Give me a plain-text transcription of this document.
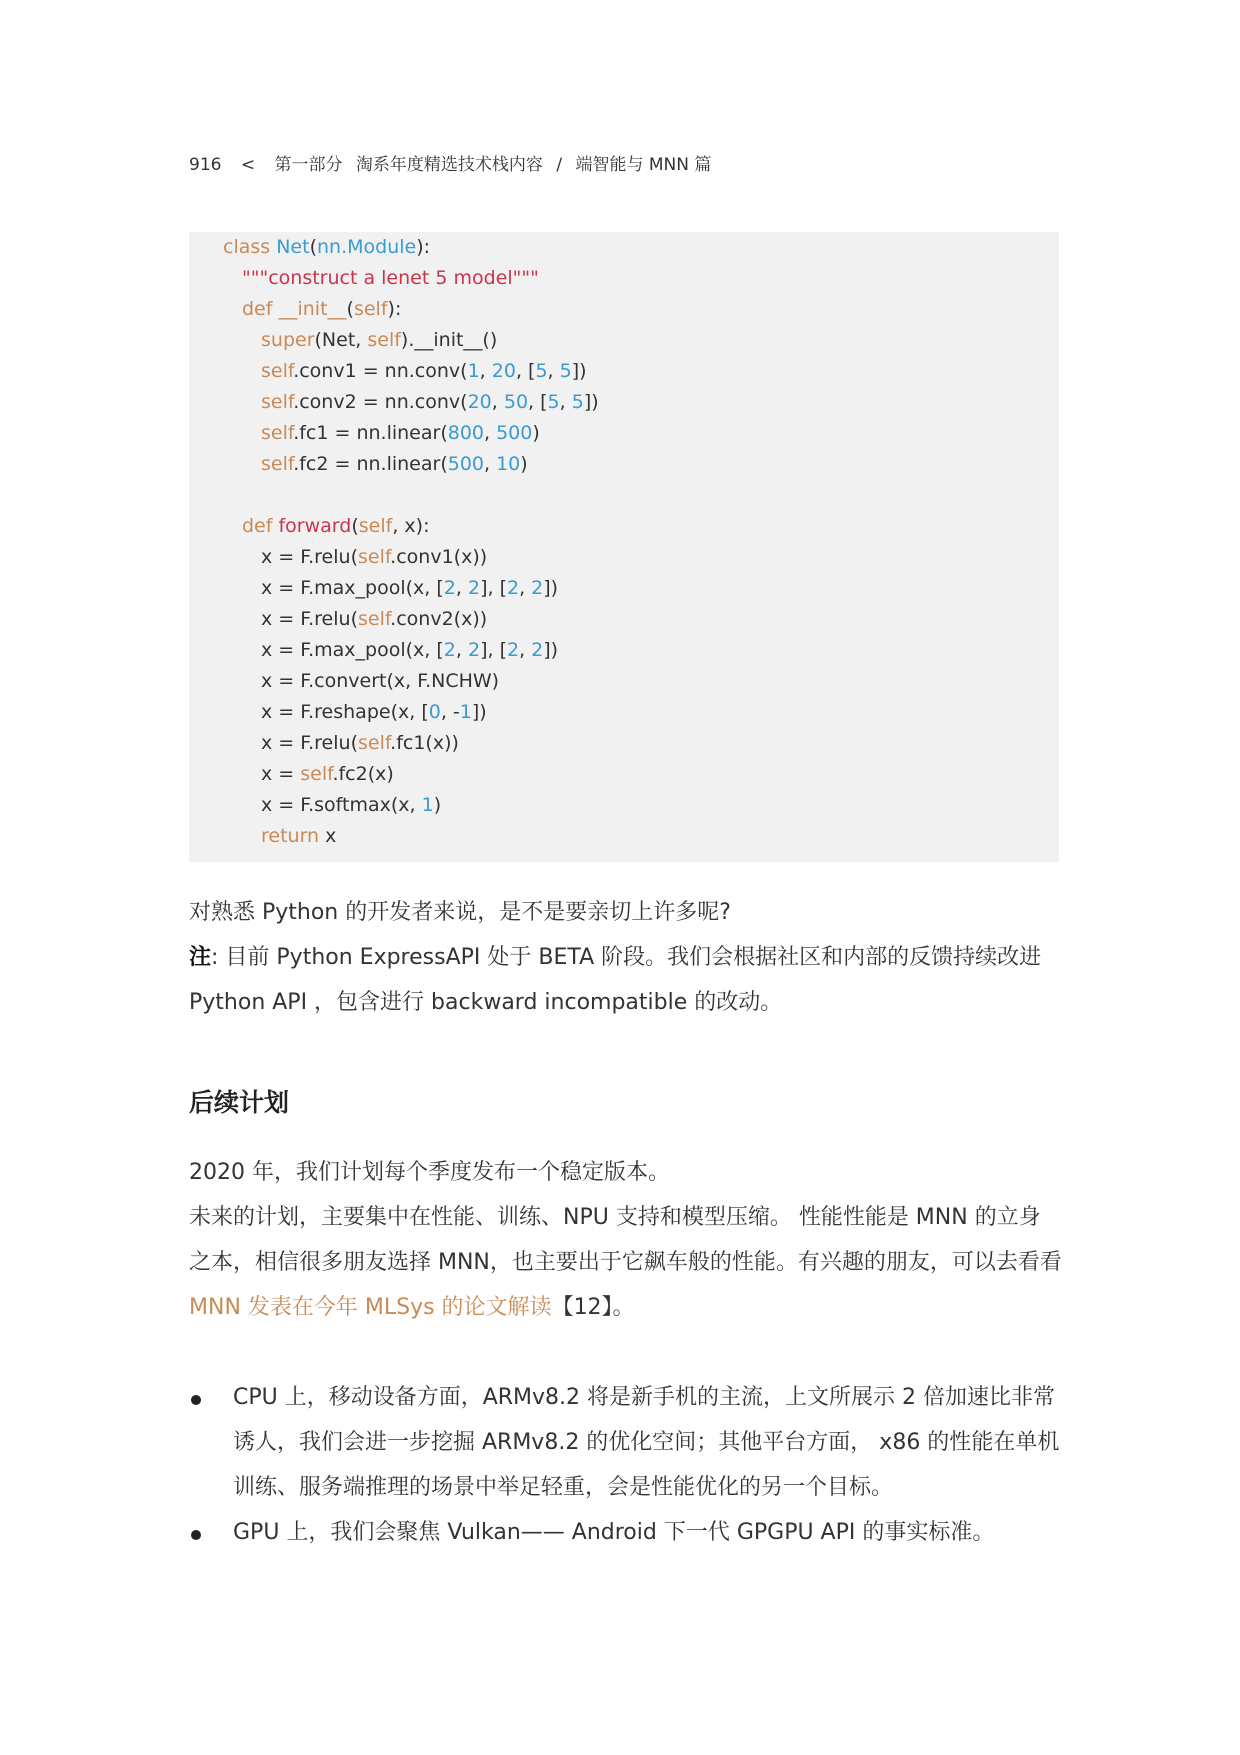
916 < 第一部分 淘系年度精选技术栈内容 / 端智能与 MNN 篇
class Net(nn.Module):
"""construct a lenet 5 model"""
def __init__(self):
super(Net, self).__init__()
self.conv1 = nn.conv(1, 20, [5, 5])
self.conv2 = nn.conv(20, 50, [5, 5])
self.fc1 = nn.linear(800, 500)
self.fc2 = nn.linear(500, 10)
def forward(self, x):
x = F.relu(self.conv1(x))
x = F.max_pool(x, [2, 2], [2, 2])
x = F.relu(self.conv2(x))
x = F.max_pool(x, [2, 2], [2, 2])
x = F.convert(x, F.NCHW)
x = F.reshape(x, [0, -1])
x = F.relu(self.fc1(x))
x = self.fc2(x)
x = F.softmax(x, 1)
return x
对熟悉 Python 的开发者来说，是不是要亲切上许多呢?
注: 目前 Python ExpressAPI 处于 BETA 阶段。我们会根据社区和内部的反馈持续改进
Python API ，包含进行 backward incompatible 的改动。
后续计划
2020 年，我们计划每个季度发布一个稳定版本。
未来的计划，主要集中在性能、训练、NPU 支持和模型压缩。 性能性能是 MNN 的立身
之本，相信很多朋友选择 MNN，也主要出于它飙车般的性能。有兴趣的朋友，可以去看看
MNN 发表在今年 MLSys 的论文解读【12】。
CPU 上，移动设备方面，ARMv8.2 将是新手机的主流，上文所展示 2 倍加速比非常
诱人，我们会进一步挖掘 ARMv8.2 的优化空间；其他平台方面， x86 的性能在单机
训练、服务端推理的场景中举足轻重，会是性能优化的另一个目标。
GPU 上，我们会聚焦 Vulkan—— Android 下一代 GPGPU API 的事实标准。
